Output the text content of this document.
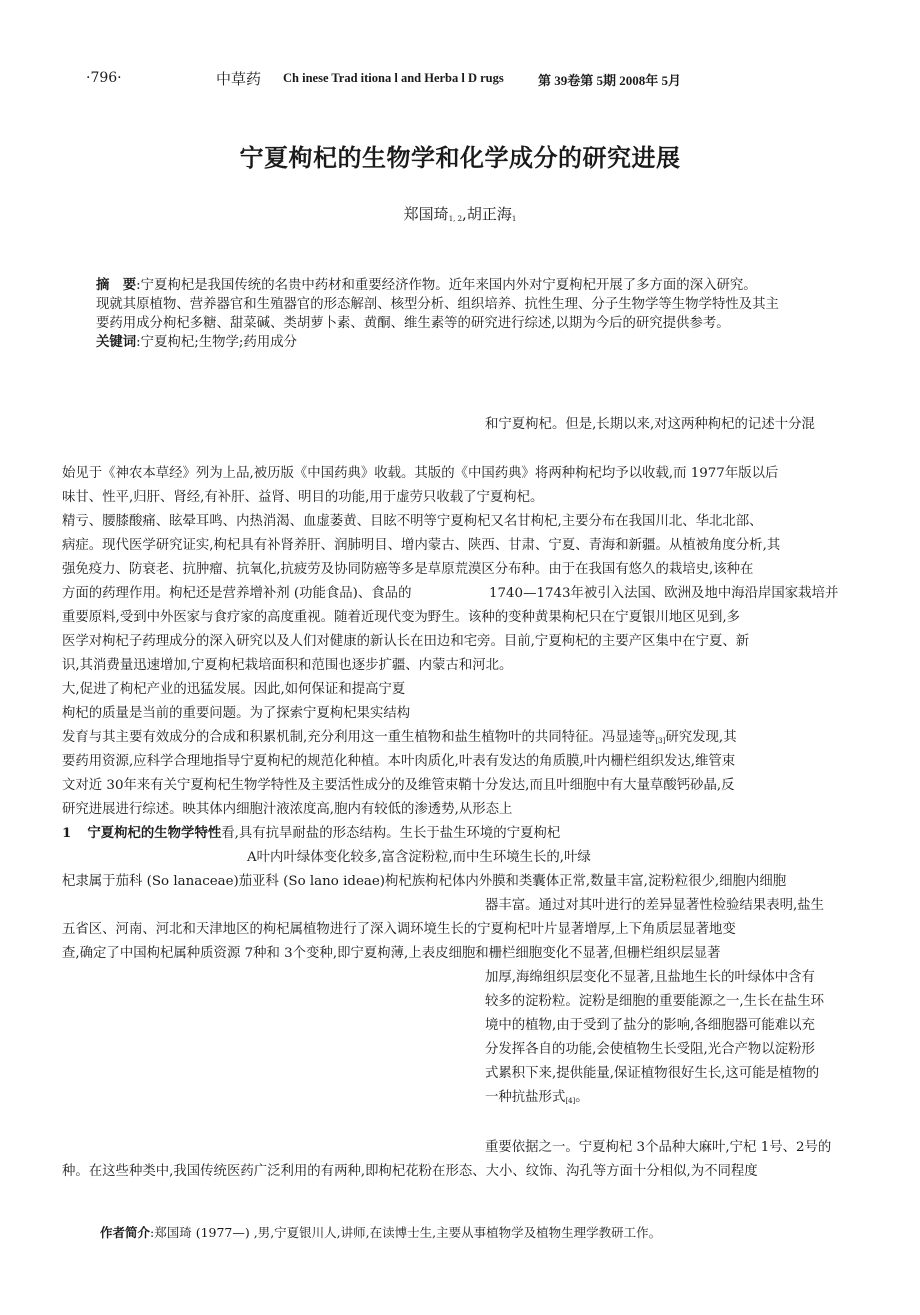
·796·	中草药 Ch inese Trad itiona l and Herba l D rugs	第 39卷第 5期 2008年 5月
宁夏枸杞的生物学和化学成分的研究进展
郑国琦$_{1, 2}$,胡正海$_1$
摘　要:宁夏枸杞是我国传统的名贵中药材和重要经济作物。近年来国内外对宁夏枸杞开展了多方面的深入研究。
现就其原植物、营养器官和生殖器官的形态解剖、核型分析、组织培养、抗性生理、分子生物学等生物学特性及其主
要药用成分枸杞多糖、甜菜碱、类胡萝卜素、黄酮、维生素等的研究进行综述,以期为今后的研究提供参考。
关键词:宁夏枸杞;生物学;药用成分
和宁夏枸杞。但是,长期以来,对这两种枸杞的记述十分混
始见于《神农本草经》列为上品,被历版《中国药典》收载。其版的《中国药典》将两种枸杞均予以收载,而 1977年版以后
味甘、性平,归肝、肾经,有补肝、益肾、明目的功能,用于虚劳只收载了宁夏枸杞。
精亏、腰膝酸痛、眩晕耳鸣、内热消渴、血虚萎黄、目眩不明等宁夏枸杞又名甘枸杞,主要分布在我国川北、华北北部、
病症。现代医学研究证实,枸杞具有补肾养肝、润肺明目、增内蒙古、陕西、甘肃、宁夏、青海和新疆。从植被角度分析,其
强免疫力、防衰老、抗肿瘤、抗氧化,抗疲劳及协同防癌等多是草原荒漠区分布种。由于在我国有悠久的栽培史,该种在
方面的药理作用。枸杞还是营养增补剂 (功能食品)、食品的	1740—1743年被引入法国、欧洲及地中海沿岸国家栽培并
重要原料,受到中外医家与食疗家的高度重视。随着近现代变为野生。该种的变种黄果枸杞只在宁夏银川地区见到,多
医学对枸杞子药理成分的深入研究以及人们对健康的新认长在田边和宅旁。目前,宁夏枸杞的主要产区集中在宁夏、新
识,其消费量迅速增加,宁夏枸杞栽培面积和范围也逐步扩疆、内蒙古和河北。
大,促进了枸杞产业的迅猛发展。因此,如何保证和提高宁夏
枸杞的质量是当前的重要问题。为了探索宁夏枸杞果实结构
发育与其主要有效成分的合成和积累机制,充分利用这一重生植物和盐生植物叶的共同特征。冯显逵等$_{[3]}$研究发现,其
要药用资源,应科学合理地指导宁夏枸杞的规范化种植。本叶肉质化,叶表有发达的角质膜,叶内栅栏组织发达,维管束
文对近 30年来有关宁夏枸杞生物学特性及主要活性成分的及维管束鞘十分发达,而且叶细胞中有大量草酸钙砂晶,反
研究进展进行综述。映其体内细胞汁液浓度高,胞内有较低的渗透势,从形态上
1 宁夏枸杞的生物学特性看,具有抗旱耐盐的形态结构。生长于盐生环境的宁夏枸杞
A叶内叶绿体变化较多,富含淀粉粒,而中生环境生长的,叶绿
杞隶属于茄科 (So lanaceae)茄亚科 (So lano ideae)枸杞族枸杞体内外膜和类囊体正常,数量丰富,淀粉粒很少,细胞内细胞
器丰富。通过对其叶进行的差异显著性检验结果表明,盐生
五省区、河南、河北和天津地区的枸杞属植物进行了深入调环境生长的宁夏枸杞叶片显著增厚,上下角质层显著地变
查,确定了中国枸杞属种质资源 7种和 3个变种,即宁夏枸薄,上表皮细胞和栅栏细胞变化不显著,但栅栏组织层显著
加厚,海绵组织层变化不显著,且盐地生长的叶绿体中含有
较多的淀粉粒。淀粉是细胞的重要能源之一,生长在盐生环
境中的植物,由于受到了盐分的影响,各细胞器可能难以充
分发挥各自的功能,会使植物生长受阻,光合产物以淀粉形
式累积下来,提供能量,保证植物很好生长,这可能是植物的
一种抗盐形式$_{[4]}$。
重要依据之一。宁夏枸杞 3个品种大麻叶,宁杞 1号、2号的
种。在这些种类中,我国传统医药广泛利用的有两种,即枸杞花粉在形态、大小、纹饰、沟孔等方面十分相似,为不同程度
作者简介:郑国琦 (1977—) ,男,宁夏银川人,讲师,在读博士生,主要从事植物学及植物生理学教研工作。
